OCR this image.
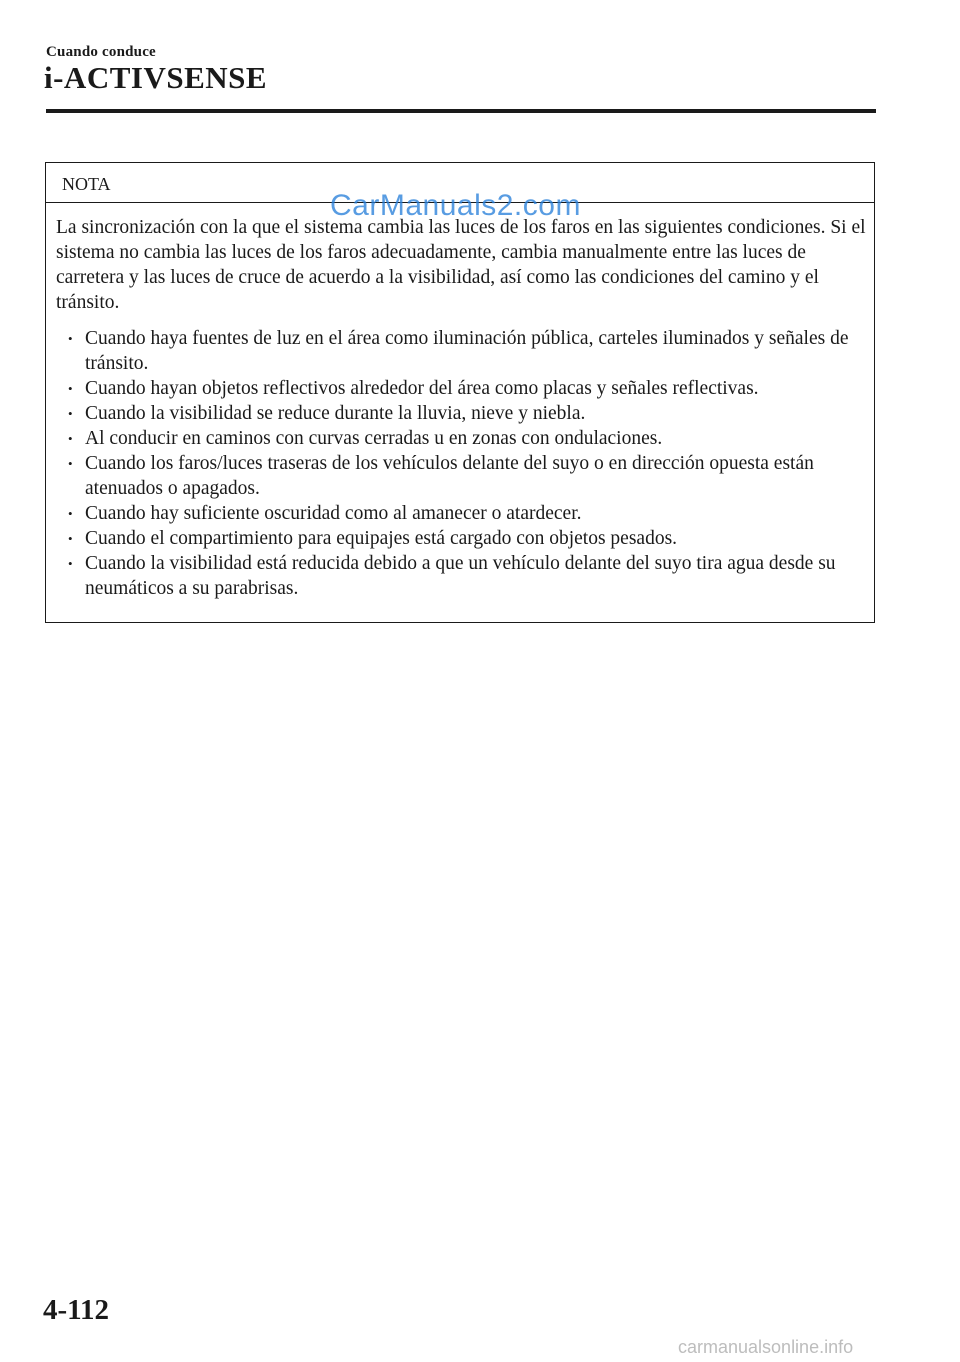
Cuando conduce
i-ACTIVSENSE
NOTA

La sincronización con la que el sistema cambia las luces de los faros en las siguientes condiciones. Si el sistema no cambia las luces de los faros adecuadamente, cambia manualmente entre las luces de carretera y las luces de cruce de acuerdo a la visibilidad, así como las condiciones del camino y el tránsito.

• Cuando haya fuentes de luz en el área como iluminación pública, carteles iluminados y señales de tránsito.
• Cuando hayan objetos reflectivos alrededor del área como placas y señales reflectivas.
• Cuando la visibilidad se reduce durante la lluvia, nieve y niebla.
• Al conducir en caminos con curvas cerradas u en zonas con ondulaciones.
• Cuando los faros/luces traseras de los vehículos delante del suyo o en dirección opuesta están atenuados o apagados.
• Cuando hay suficiente oscuridad como al amanecer o atardecer.
• Cuando el compartimiento para equipajes está cargado con objetos pesados.
• Cuando la visibilidad está reducida debido a que un vehículo delante del suyo tira agua desde su neumáticos a su parabrisas.
CarManuals2.com
4-112
carmanualsonline.info
